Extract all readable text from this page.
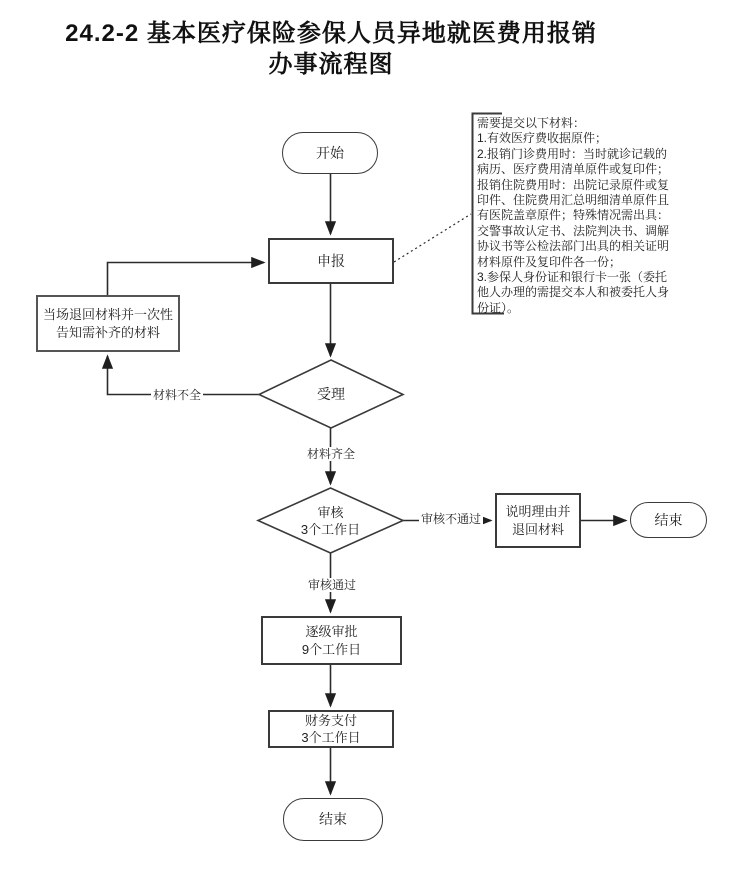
24.2-2 基本医疗保险参保人员异地就医费用报销
办事流程图
开始
申报
当场退回材料并一次性
告知需补齐的材料
受理
审核
3个工作日
说明理由并
退回材料
结束
逐级审批
9个工作日
财务支付
3个工作日
结束
材料不全
材料齐全
审核不通过
审核通过
需要提交以下材料：
1.有效医疗费收据原件；
2.报销门诊费用时：当时就诊记载的
病历、医疗费用清单原件或复印件；
报销住院费用时：出院记录原件或复
印件、住院费用汇总明细清单原件且
有医院盖章原件；特殊情况需出具：
交警事故认定书、法院判决书、调解
协议书等公检法部门出具的相关证明
材料原件及复印件各一份；
3.参保人身份证和银行卡一张（委托
他人办理的需提交本人和被委托人身
份证）。
